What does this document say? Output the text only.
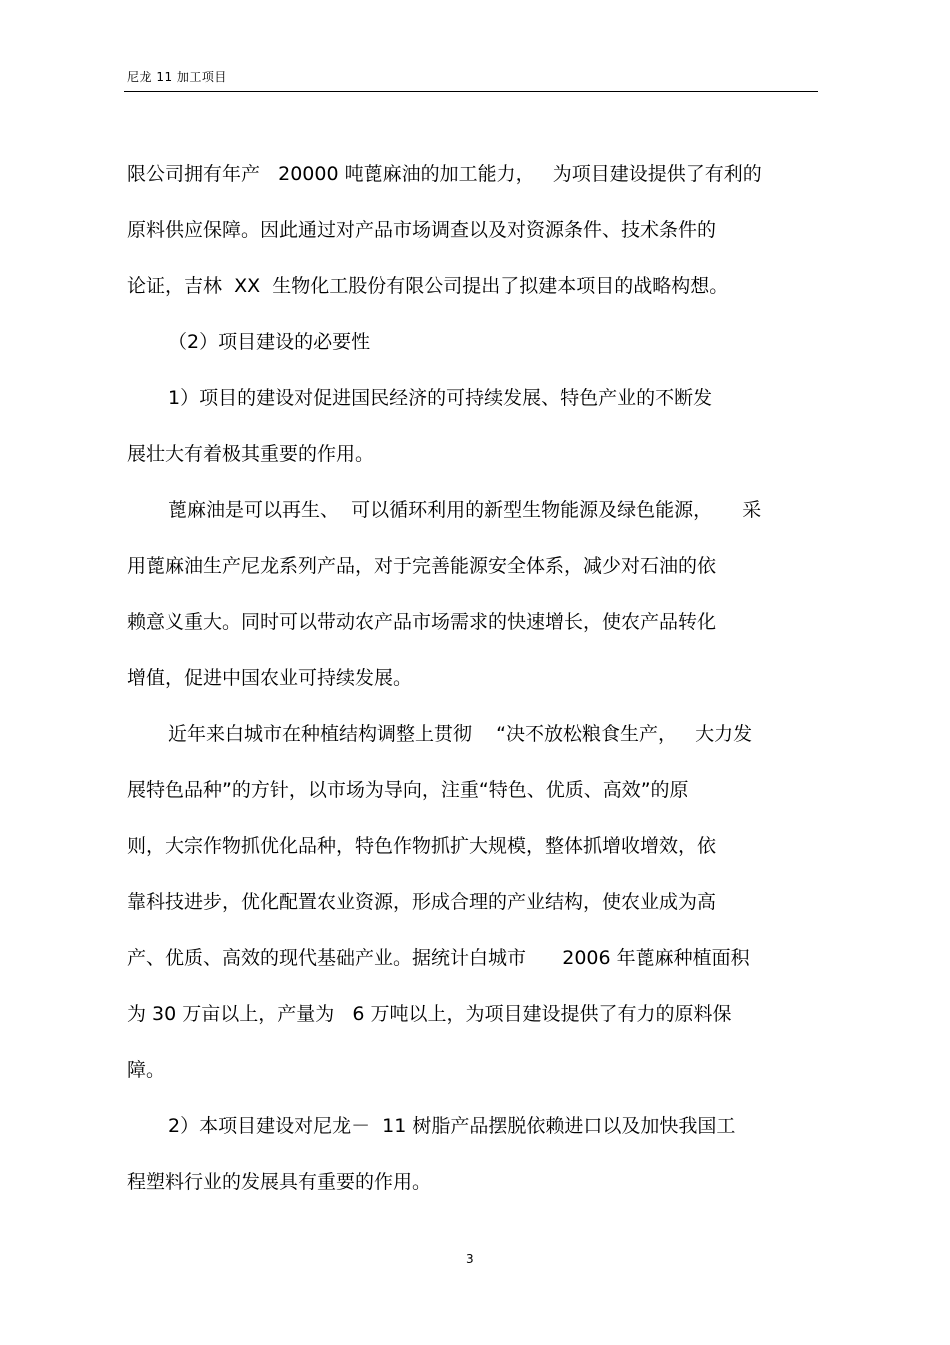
尼龙 11 加工项目
限公司拥有年产   20000 吨蓖麻油的加工能力，   为项目建设提供了有利的
原料供应保障。因此通过对产品市场调查以及对资源条件、技术条件的
论证，吉林  XX  生物化工股份有限公司提出了拟建本项目的战略构想。
（2）项目建设的必要性
1）项目的建设对促进国民经济的可持续发展、特色产业的不断发
展壮大有着极其重要的作用。
蓖麻油是可以再生、  可以循环利用的新型生物能源及绿色能源，     采
用蓖麻油生产尼龙系列产品，对于完善能源安全体系，减少对石油的依
赖意义重大。同时可以带动农产品市场需求的快速增长，使农产品转化
增值，促进中国农业可持续发展。
近年来白城市在种植结构调整上贯彻    “决不放松粮食生产，   大力发
展特色品种”的方针，以市场为导向，注重“特色、优质、高效”的原
则，大宗作物抓优化品种，特色作物抓扩大规模，整体抓增收增效，依
靠科技进步，优化配置农业资源，形成合理的产业结构，使农业成为高
产、优质、高效的现代基础产业。据统计白城市      2006 年蓖麻种植面积
为 30 万亩以上，产量为   6 万吨以上，为项目建设提供了有力的原料保
障。
2）本项目建设对尼龙－  11 树脂产品摆脱依赖进口以及加快我国工
程塑料行业的发展具有重要的作用。
3
